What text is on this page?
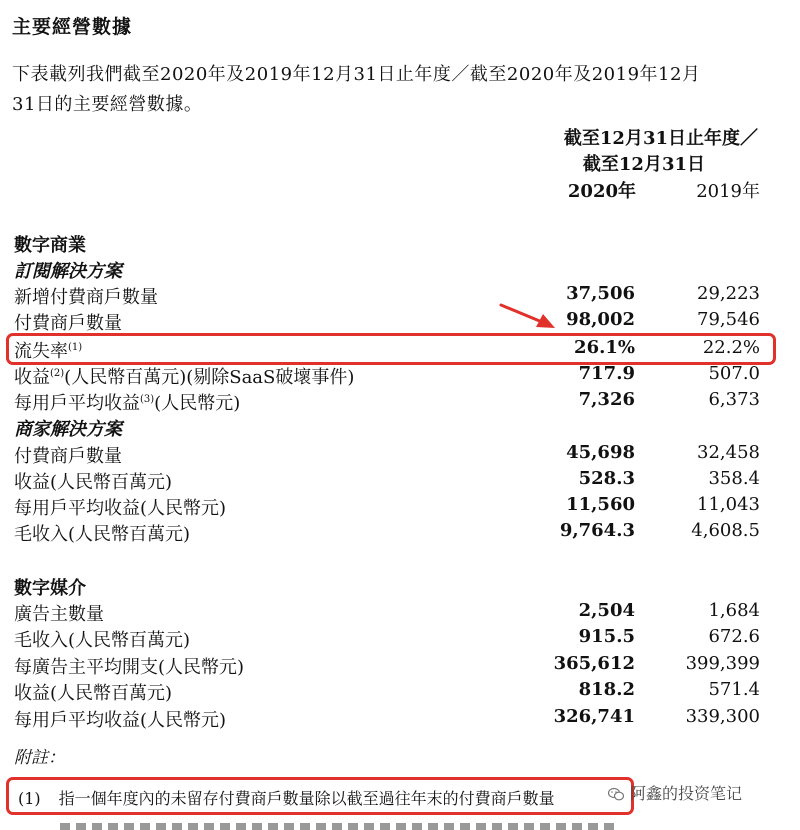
主要經營數據
下表載列我們截至2020年及2019年12月31日止年度／截至2020年及2019年12月
31日的主要經營數據。
截至12月31日止年度／
截至12月31日
2020年	2019年
數字商業
訂閱解決方案
新增付費商戶數量	37,506	29,223
付費商戶數量	98,002	79,546
流失率$^{(1)}$	26.1%	22.2%
收益$^{(2)}$(人民幣百萬元)(剔除SaaS破壞事件)	717.9	507.0
每用戶平均收益$^{(3)}$(人民幣元)	7,326	6,373
商家解決方案
付費商戶數量	45,698	32,458
收益(人民幣百萬元)	528.3	358.4
每用戶平均收益(人民幣元)	11,560	11,043
毛收入(人民幣百萬元)	9,764.3	4,608.5
數字媒介
廣告主數量	2,504	1,684
毛收入(人民幣百萬元)	915.5	672.6
每廣告主平均開支(人民幣元)	365,612	399,399
收益(人民幣百萬元)	818.2	571.4
每用戶平均收益(人民幣元)	326,741	339,300
附註：
(1) 指一個年度內的未留存付費商戶數量除以截至過往年末的付費商戶數量	阿鑫的投资笔记
